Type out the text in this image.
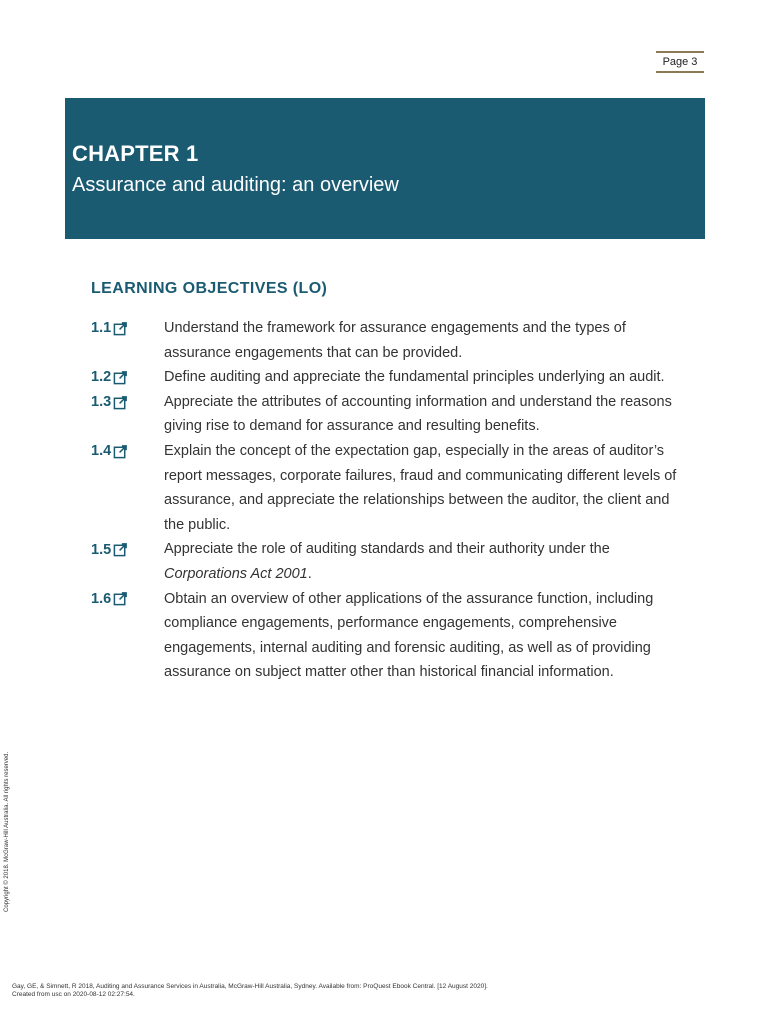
Page 3
CHAPTER 1
Assurance and auditing: an overview
LEARNING OBJECTIVES (LO)
1.1	Understand the framework for assurance engagements and the types of assurance engagements that can be provided.
1.2	Define auditing and appreciate the fundamental principles underlying an audit.
1.3	Appreciate the attributes of accounting information and understand the reasons giving rise to demand for assurance and resulting benefits.
1.4	Explain the concept of the expectation gap, especially in the areas of auditor’s report messages, corporate failures, fraud and communicating different levels of assurance, and appreciate the relationships between the auditor, the client and the public.
1.5	Appreciate the role of auditing standards and their authority under the Corporations Act 2001.
1.6	Obtain an overview of other applications of the assurance function, including compliance engagements, performance engagements, comprehensive engagements, internal auditing and forensic auditing, as well as of providing assurance on subject matter other than historical financial information.
Copyright © 2018. McGraw-Hill Australia. All rights reserved.
Gay, GE, & Simnett, R 2018, Auditing and Assurance Services in Australia, McGraw-Hill Australia, Sydney. Available from: ProQuest Ebook Central. [12 August 2020].
Created from usc on 2020-08-12 02:27:54.
